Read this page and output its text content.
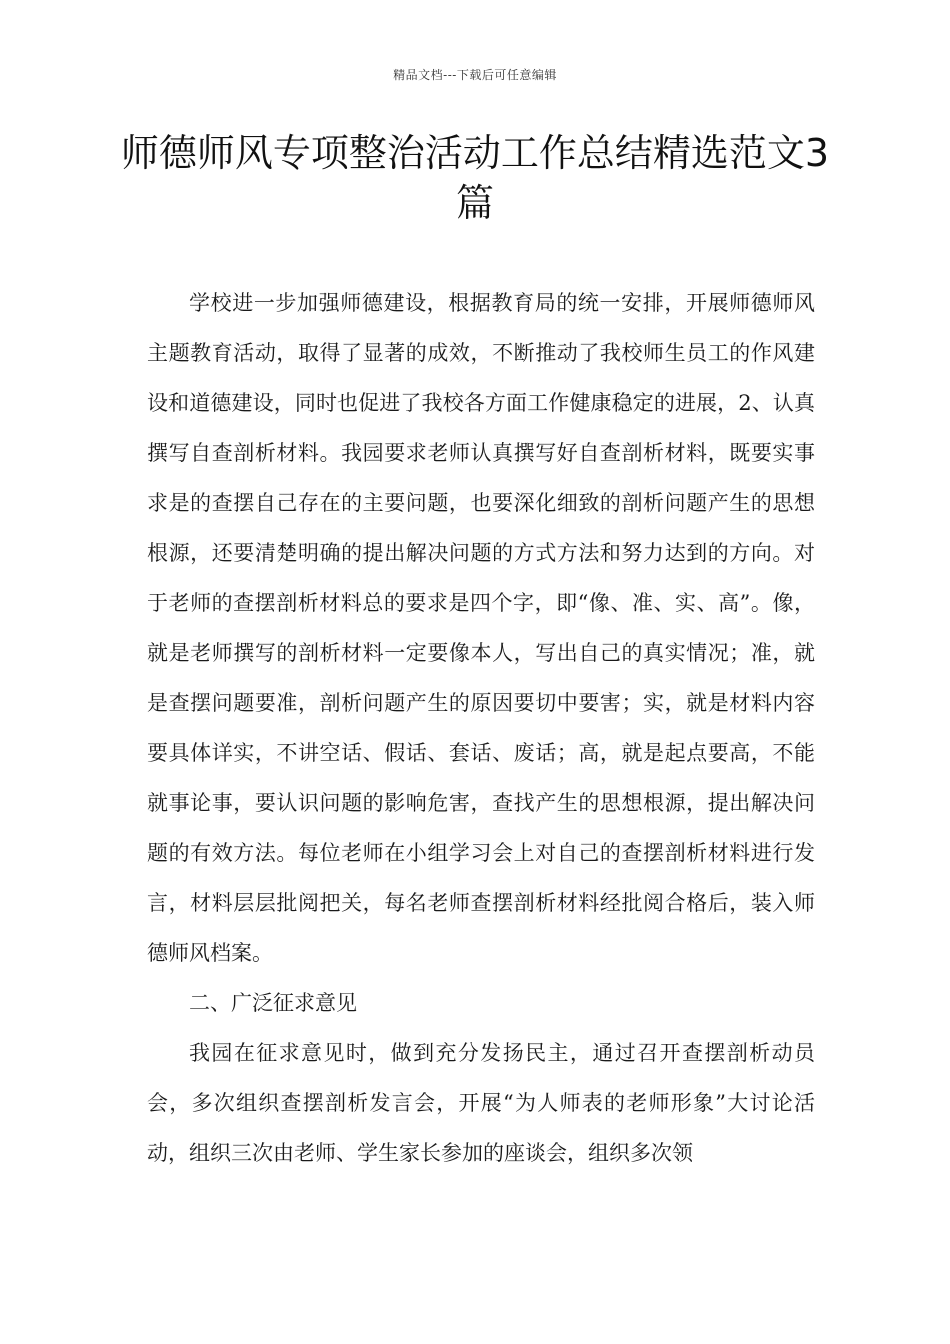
精品文档---下载后可任意编辑
师德师风专项整治活动工作总结精选范文3篇

学校进一步加强师德建设，根据教育局的统一安排，开展师德师风主题教育活动，取得了显著的成效，不断推动了我校师生员工的作风建设和道德建设，同时也促进了我校各方面工作健康稳定的进展，2、认真撰写自查剖析材料。我园要求老师认真撰写好自查剖析材料，既要实事求是的查摆自己存在的主要问题，也要深化细致的剖析问题产生的思想根源，还要清楚明确的提出解决问题的方式方法和努力达到的方向。对于老师的查摆剖析材料总的要求是四个字，即“像、准、实、高”。像，就是老师撰写的剖析材料一定要像本人，写出自己的真实情况；准，就是查摆问题要准，剖析问题产生的原因要切中要害；实，就是材料内容要具体详实，不讲空话、假话、套话、废话；高，就是起点要高，不能就事论事，要认识问题的影响危害，查找产生的思想根源，提出解决问题的有效方法。每位老师在小组学习会上对自己的查摆剖析材料进行发言，材料层层批阅把关，每名老师查摆剖析材料经批阅合格后，装入师德师风档案。

二、广泛征求意见

我园在征求意见时，做到充分发扬民主，通过召开查摆剖析动员会，多次组织查摆剖析发言会，开展“为人师表的老师形象”大讨论活动，组织三次由老师、学生家长参加的座谈会，组织多次领
